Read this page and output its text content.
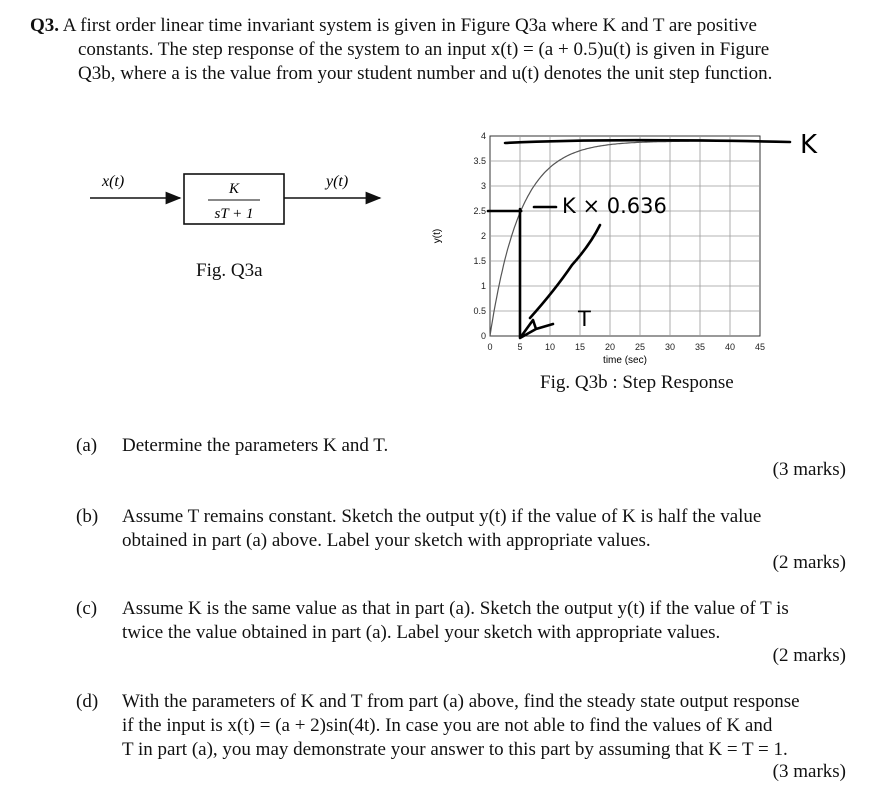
Q3. A first order linear time invariant system is given in Figure Q3a where K and T are positive
constants. The step response of the system to an input x(t) = (a + 0.5)u(t) is given in Figure
Q3b, where a is the value from your student number and u(t) denotes the unit step function.
K
sT + 1
x(t)	y(t)
Fig. Q3a
0	5 10 15 20 25 30 35 40 45
0
0.5
1
1.5
2
2.5
3
3.5
4
time (sec)
y(t)
K
K × 0.636
T
Fig. Q3b : Step Response
(a) Determine the parameters K and T.
(3 marks)
(b) Assume T remains constant. Sketch the output y(t) if the value of K is half the value
obtained in part (a) above. Label your sketch with appropriate values.
(2 marks)
(c) Assume K is the same value as that in part (a). Sketch the output y(t) if the value of T is
twice the value obtained in part (a). Label your sketch with appropriate values.
(2 marks)
(d) With the parameters of K and T from part (a) above, find the steady state output response
if the input is x(t) = (a + 2)sin(4t). In case you are not able to find the values of K and
T in part (a), you may demonstrate your answer to this part by assuming that K = T = 1.
(3 marks)
